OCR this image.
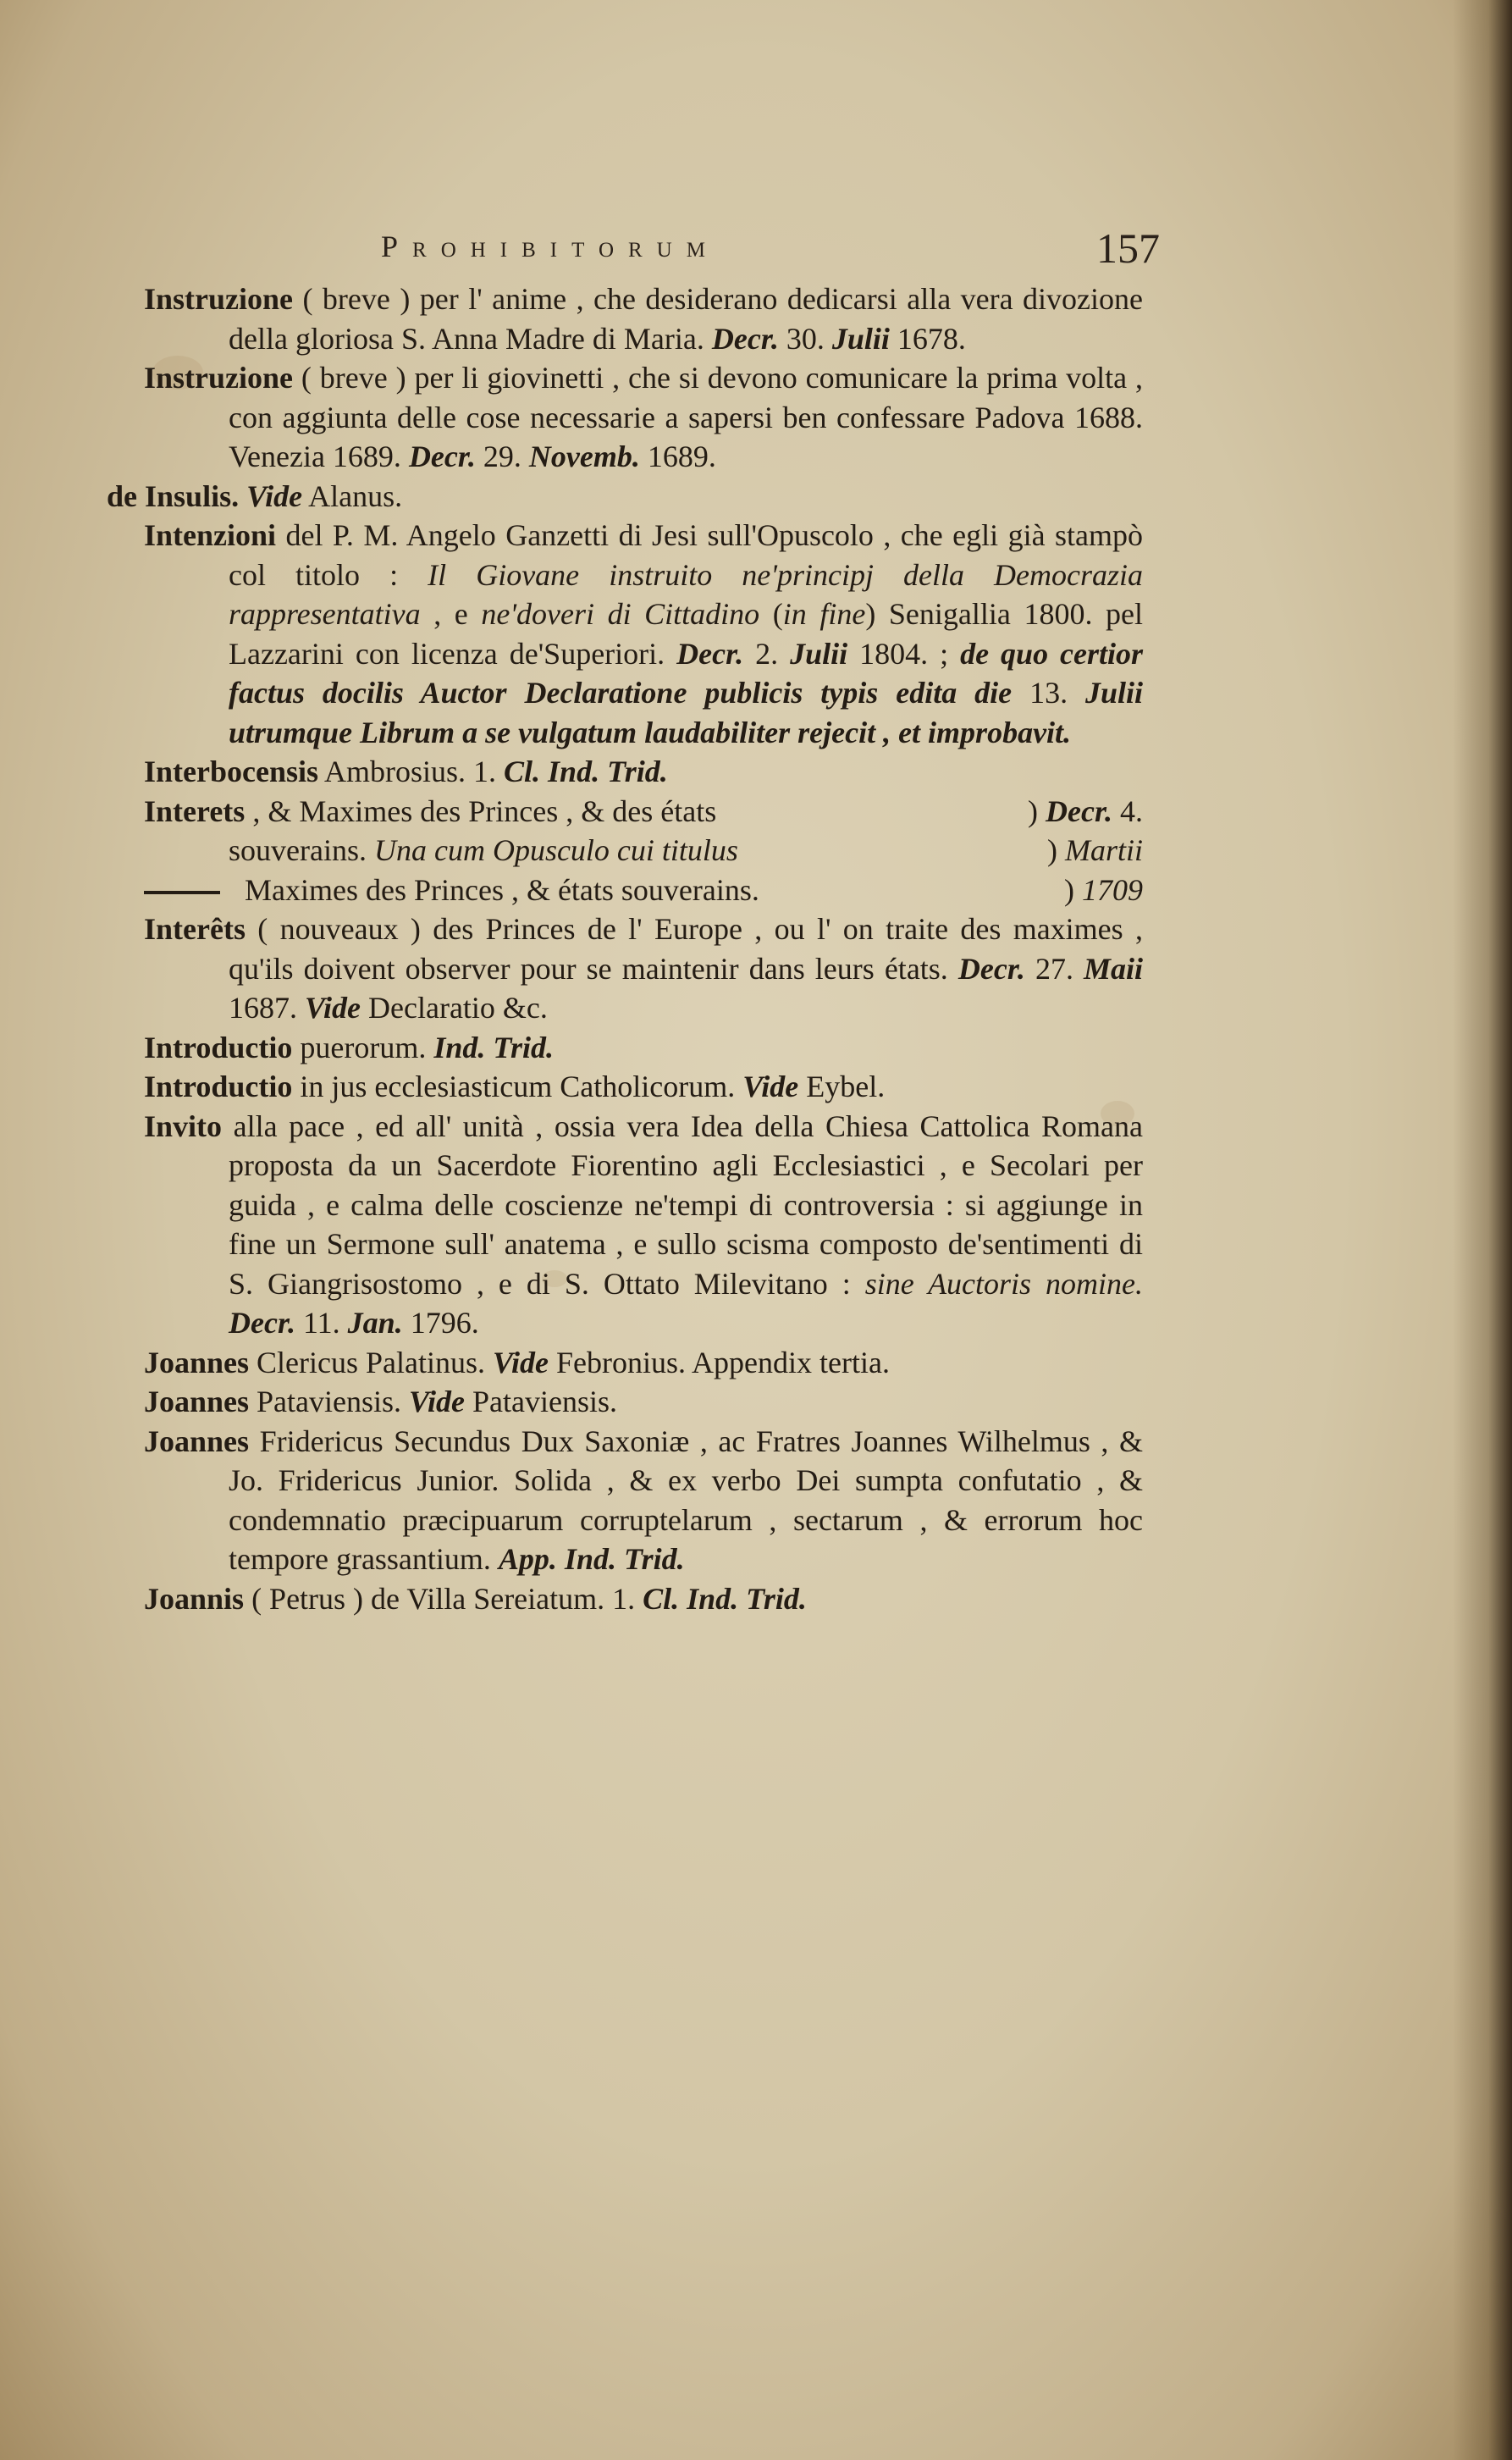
Prohibitorum	157

Instruzione ( breve ) per l' anime , che desiderano dedicarsi alla vera divozione della gloriosa S. Anna Madre di Maria. Decr. 30. Julii 1678.

Instruzione ( breve ) per li giovinetti , che si devono comunicare la prima volta , con aggiunta delle cose necessarie a sapersi ben confessare Padova 1688. Venezia 1689. Decr. 29. Novemb. 1689.

de Insulis. Vide Alanus.

Intenzioni del P. M. Angelo Ganzetti di Jesi sull'Opuscolo , che egli già stampò col titolo : Il Giovane instruito ne'principj della Democrazia rappresentativa , e ne'doveri di Cittadino (in fine) Senigallia 1800. pel Lazzarini con licenza de'Superiori. Decr. 2. Julii 1804. ; de quo certior factus docilis Auctor Declaratione publicis typis edita die 13. Julii utrumque Librum a se vulgatum laudabiliter rejecit , et improbavit.

Interbocensis Ambrosius. 1. Cl. Ind. Trid.

Interets , & Maximes des Princes , & des états	) Decr. 4.
souverains. Una cum Opusculo cui titulus	) Martii
Maximes des Princes , & états souverains.	) 1709

Interêts ( nouveaux ) des Princes de l' Europe , ou l' on traite des maximes , qu'ils doivent observer pour se maintenir dans leurs états. Decr. 27. Maii 1687. Vide Declaratio &c.

Introductio puerorum. Ind. Trid.

Introductio in jus ecclesiasticum Catholicorum. Vide Eybel.

Invito alla pace , ed all' unità , ossia vera Idea della Chiesa Cattolica Romana proposta da un Sacerdote Fiorentino agli Ecclesiastici , e Secolari per guida , e calma delle coscienze ne'tempi di controversia : si aggiunge in fine un Sermone sull' anatema , e sullo scisma composto de'sentimenti di S. Giangrisostomo , e di S. Ottato Milevitano : sine Auctoris nomine. Decr. 11. Jan. 1796.

Joannes Clericus Palatinus. Vide Febronius. Appendix tertia.

Joannes Pataviensis. Vide Pataviensis.

Joannes Fridericus Secundus Dux Saxoniæ , ac Fratres Joannes Wilhelmus , & Jo. Fridericus Junior. Solida , & ex verbo Dei sumpta confutatio , & condemnatio præcipuarum corruptelarum , sectarum , & errorum hoc tempore grassantium. App. Ind. Trid.

Joannis ( Petrus ) de Villa Sereiatum. 1. Cl. Ind. Trid.
